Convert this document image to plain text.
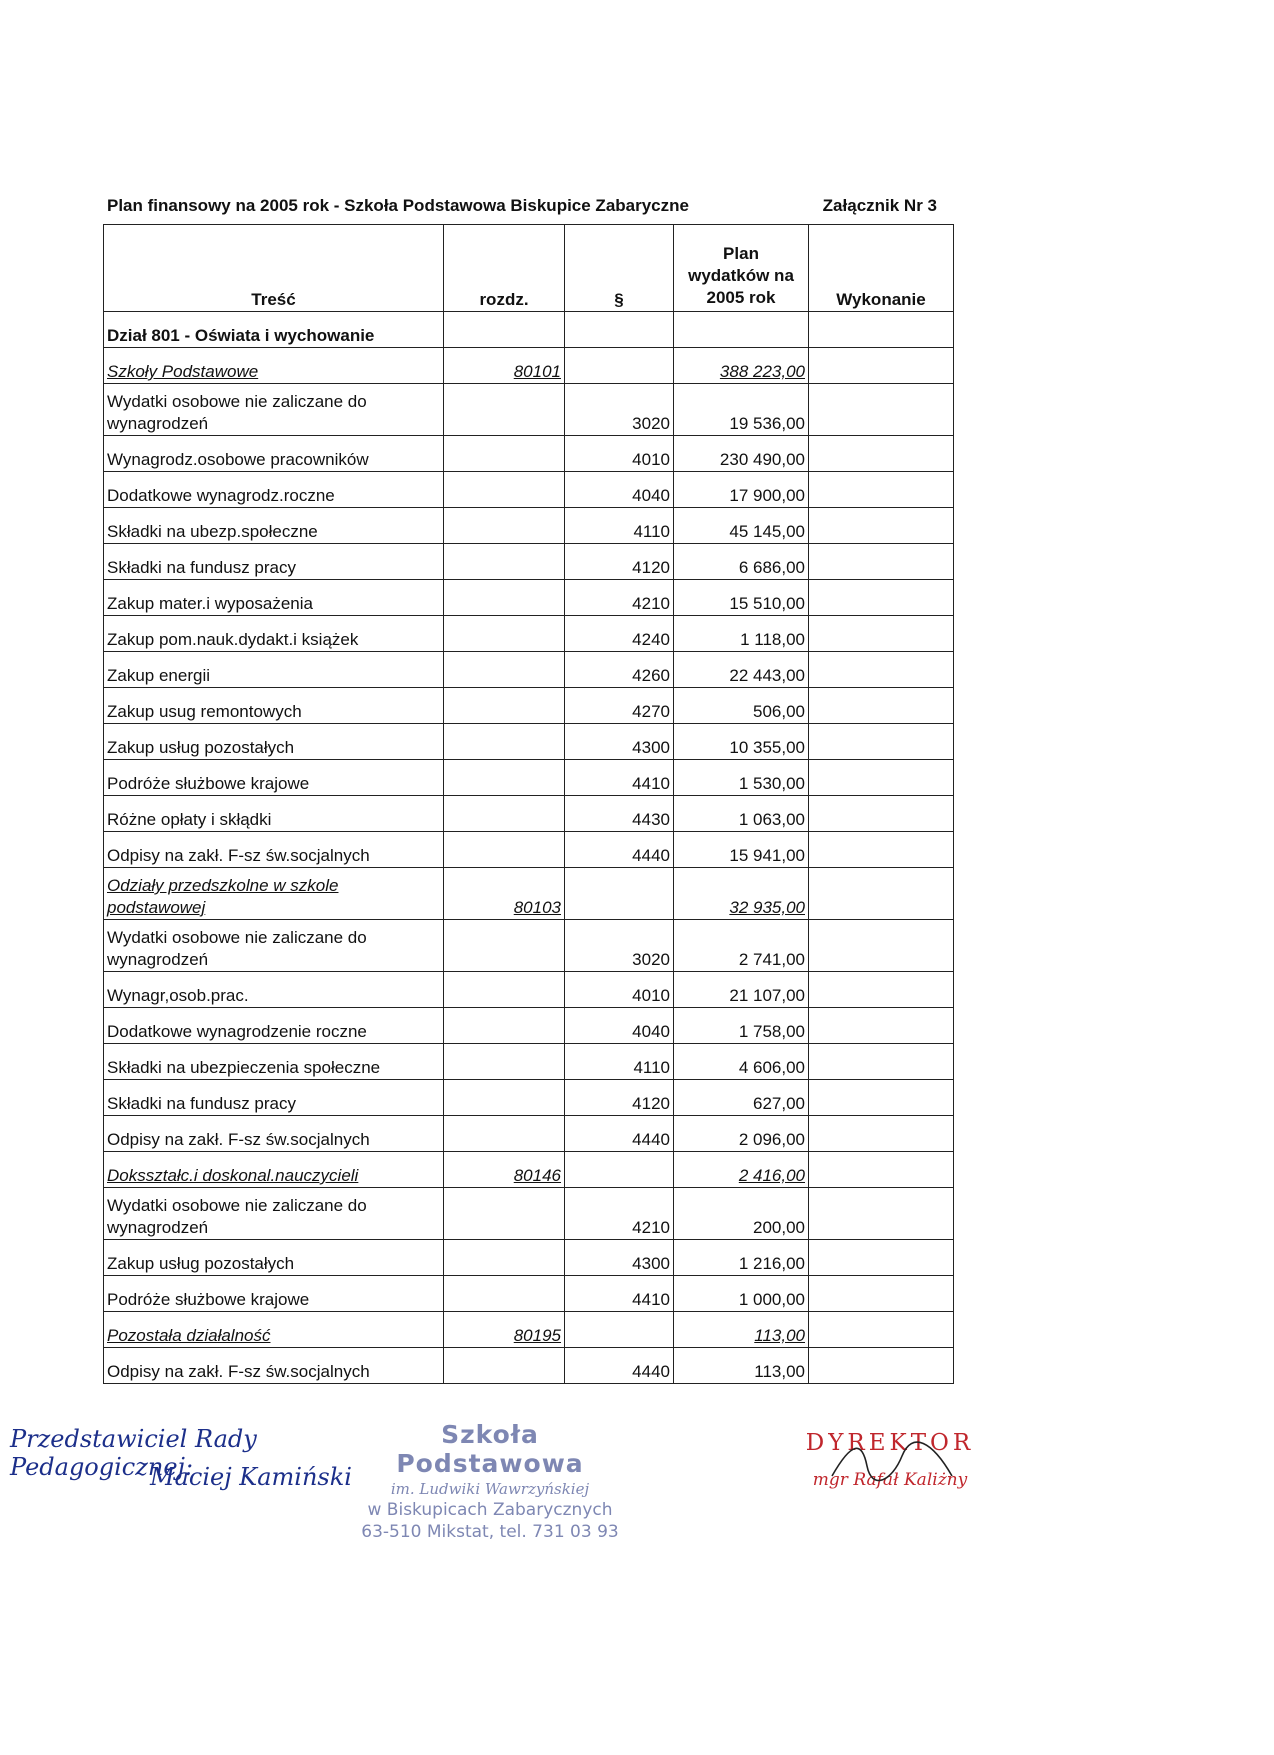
Plan finansowy na 2005 rok - Szkoła Podstawowa Biskupice Zabaryczne	Załącznik Nr 3
Treść	rozdz.	§	Plan wydatków na 2005 rok	Wykonanie
Dział 801 - Oświata i wychowanie				
Szkoły Podstawowe	80101		388 223,00	
Wydatki osobowe nie zaliczane do wynagrodzeń		3020	19 536,00	
Wynagrodz.osobowe pracowników		4010	230 490,00	
Dodatkowe wynagrodz.roczne		4040	17 900,00	
Składki na ubezp.społeczne		4110	45 145,00	
Składki na fundusz pracy		4120	6 686,00	
Zakup mater.i wyposażenia		4210	15 510,00	
Zakup pom.nauk.dydakt.i książek		4240	1 118,00	
Zakup energii		4260	22 443,00	
Zakup usug remontowych		4270	506,00	
Zakup usług pozostałych		4300	10 355,00	
Podróże służbowe krajowe		4410	1 530,00	
Różne opłaty i skłądki		4430	1 063,00	
Odpisy na zakł. F-sz św.socjalnych		4440	15 941,00	
Odziały przedszkolne w szkole podstawowej	80103		32 935,00	
Wydatki osobowe nie zaliczane do wynagrodzeń		3020	2 741,00	
Wynagr,osob.prac.		4010	21 107,00	
Dodatkowe wynagrodzenie roczne		4040	1 758,00	
Składki na ubezpieczenia społeczne		4110	4 606,00	
Składki na fundusz pracy		4120	627,00	
Odpisy na zakł. F-sz św.socjalnych		4440	2 096,00	
Doksształc.i doskonal.nauczycieli	80146		2 416,00	
Wydatki osobowe nie zaliczane do wynagrodzeń		4210	200,00	
Zakup usług pozostałych		4300	1 216,00	
Podróże służbowe krajowe		4410	1 000,00	
Pozostała działalność	80195		113,00	
Odpisy na zakł. F-sz św.socjalnych		4440	113,00	
Przedstawiciel Rady Pedagogicznej:
Maciej Kamiński
Szkoła Podstawowa
im. Ludwiki Wawrzyńskiej
w Biskupicach Zabarycznych
63-510 Mikstat, tel. 731 03 93
DYREKTOR
mgr Rafał Kaliżny
